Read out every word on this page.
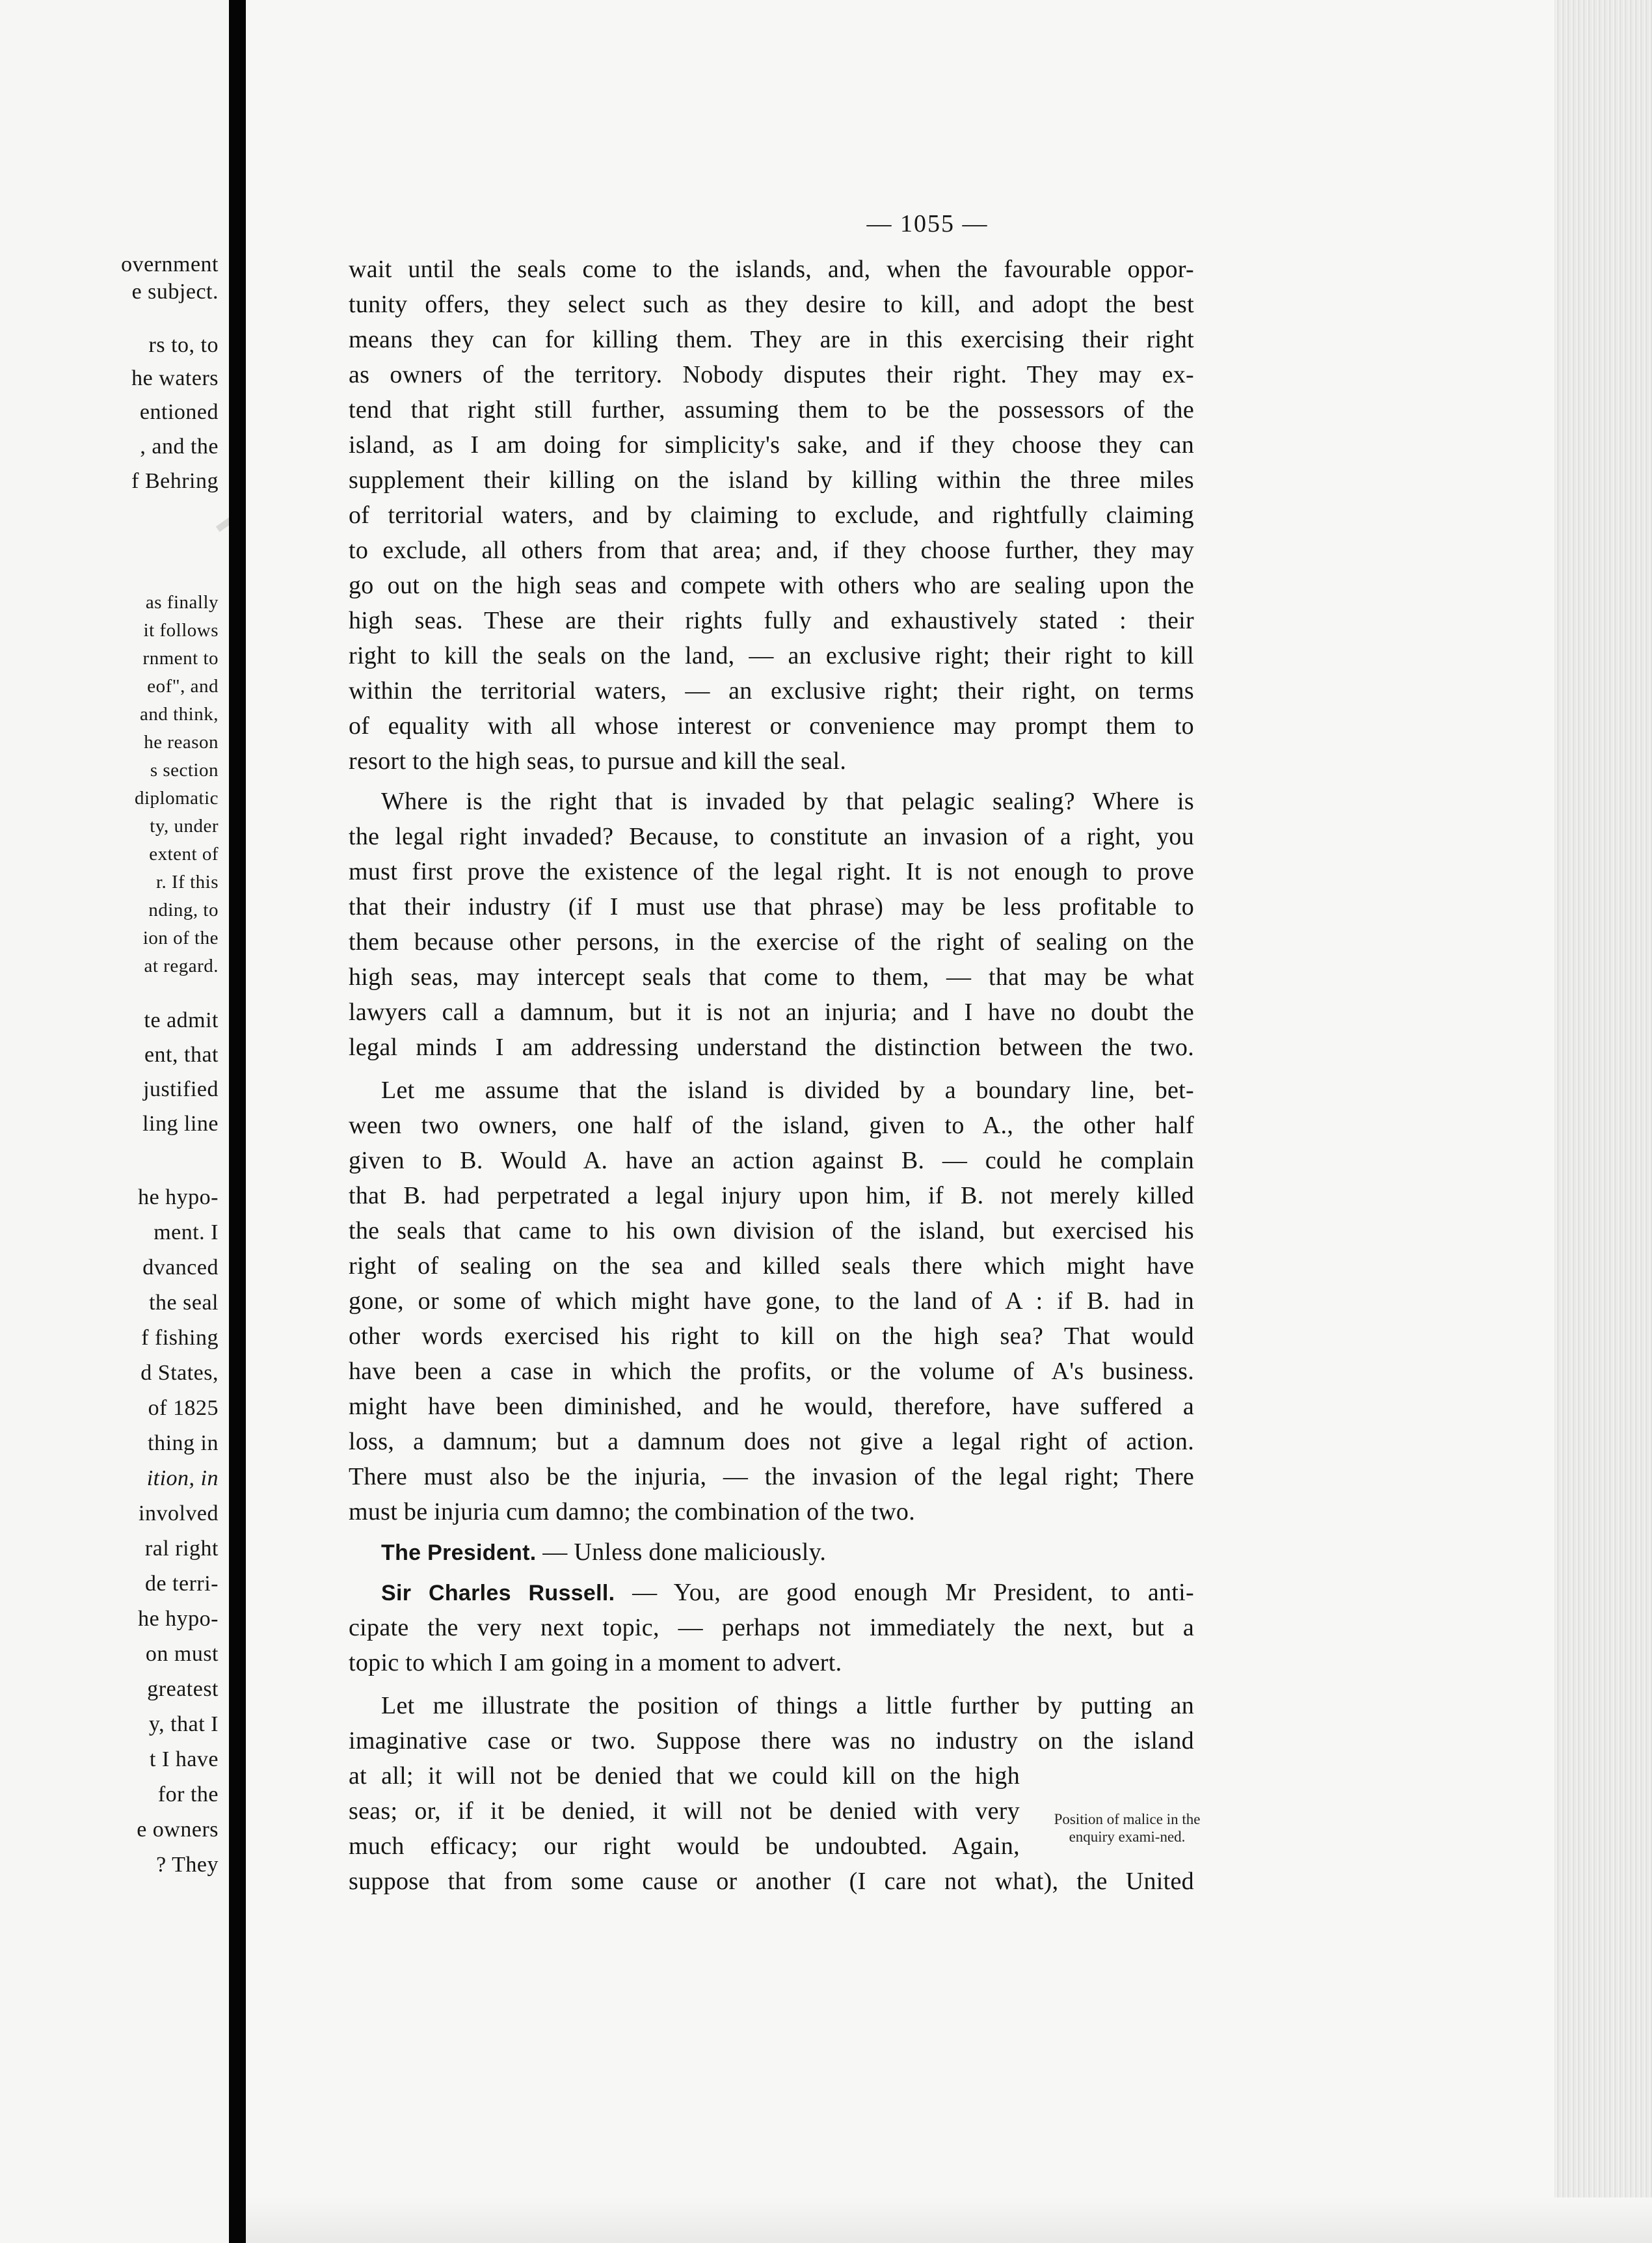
overnment
e subject.
rs to, to
he waters
entioned
, and the
f Behring
as finally
it follows
rnment to
eof", and
and think,
he reason
s section
diplomatic
ty, under
extent of
r. If this
nding, to
ion of the
at regard.
te admit
ent, that
justified
ling line
he hypo-
ment. I
dvanced
the seal
f fishing
d States,
of 1825
thing in
ition, in
involved
ral right
de terri-
he hypo-
on must
greatest
y, that I
t I have
for the
e owners
? They
— 1055 —
wait until the seals come to the islands, and, when the favourable oppor-
tunity offers, they select such as they desire to kill, and adopt the best
means they can for killing them. They are in this exercising their right
as owners of the territory. Nobody disputes their right. They may ex-
tend that right still further, assuming them to be the possessors of the
island, as I am doing for simplicity's sake, and if they choose they can
supplement their killing on the island by killing within the three miles
of territorial waters, and by claiming to exclude, and rightfully claiming
to exclude, all others from that area; and, if they choose further, they may
go out on the high seas and compete with others who are sealing upon the
high seas. These are their rights fully and exhaustively stated : their
right to kill the seals on the land, — an exclusive right; their right to kill
within the territorial waters, — an exclusive right; their right, on terms
of equality with all whose interest or convenience may prompt them to
resort to the high seas, to pursue and kill the seal.
Where is the right that is invaded by that pelagic sealing? Where is
the legal right invaded? Because, to constitute an invasion of a right, you
must first prove the existence of the legal right. It is not enough to prove
that their industry (if I must use that phrase) may be less profitable to
them because other persons, in the exercise of the right of sealing on the
high seas, may intercept seals that come to them, — that may be what
lawyers call a damnum, but it is not an injuria; and I have no doubt the
legal minds I am addressing understand the distinction between the two.
Let me assume that the island is divided by a boundary line, bet-
ween two owners, one half of the island, given to A., the other half
given to B. Would A. have an action against B. — could he complain
that B. had perpetrated a legal injury upon him, if B. not merely killed
the seals that came to his own division of the island, but exercised his
right of sealing on the sea and killed seals there which might have
gone, or some of which might have gone, to the land of A : if B. had in
other words exercised his right to kill on the high sea? That would
have been a case in which the profits, or the volume of A's business.
might have been diminished, and he would, therefore, have suffered a
loss, a damnum; but a damnum does not give a legal right of action.
There must also be the injuria, — the invasion of the legal right; There
must be injuria cum damno; the combination of the two.
The President. — Unless done maliciously.
Sir Charles Russell. — You, are good enough Mr President, to anti-
cipate the very next topic, — perhaps not immediately the next, but a
topic to which I am going in a moment to advert.
Let me illustrate the position of things a little further by putting an
imaginative case or two. Suppose there was no industry on the island
at all; it will not be denied that we could kill on the high
seas; or, if it be denied, it will not be denied with very
much efficacy; our right would be undoubted. Again,
suppose that from some cause or another (I care not what), the United
Position of malice in the enquiry exami-ned.
